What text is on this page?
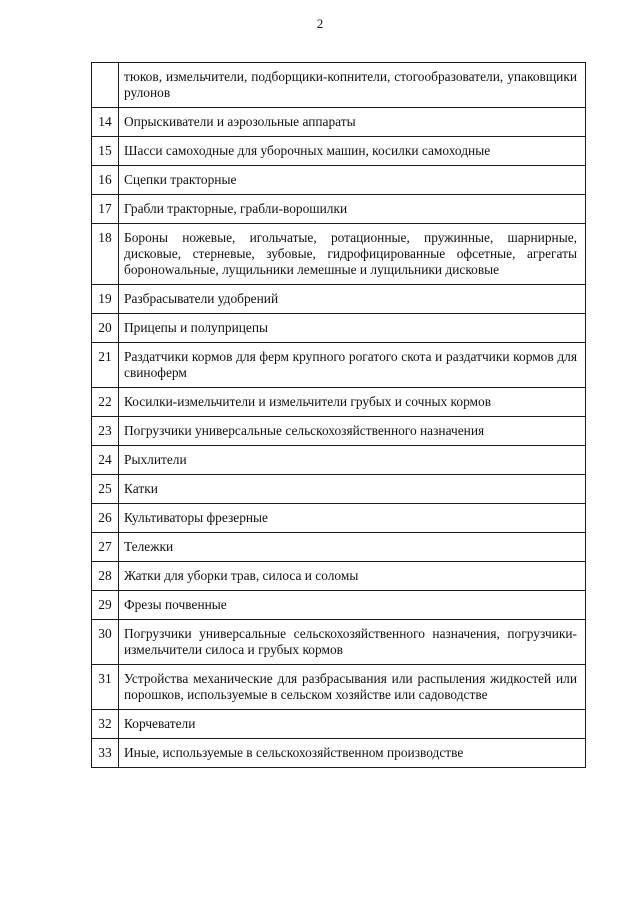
2
	тюков, измельчители, подборщики-копнители, стогообразователи, упаковщики рулонов
14	Опрыскиватели и аэрозольные аппараты
15	Шасси самоходные для уборочных машин, косилки самоходные
16	Сцепки тракторные
17	Грабли тракторные, грабли-ворошилки
18	Бороны ножевые, игольчатые, ротационные, пружинные, шарнирные, дисковые, стерневые, зубовые, гидрофицированные офсетные, агрегаты боронowальные, лущильники лемешные и лущильники дисковые
19	Разбрасыватели удобрений
20	Прицепы и полуприцепы
21	Раздатчики кормов для ферм крупного рогатого скота и раздатчики кормов для свиноферм
22	Косилки-измельчители и измельчители грубых и сочных кормов
23	Погрузчики универсальные сельскохозяйственного назначения
24	Рыхлители
25	Катки
26	Культиваторы фрезерные
27	Тележки
28	Жатки для уборки трав, силоса и соломы
29	Фрезы почвенные
30	Погрузчики универсальные сельскохозяйственного назначения, погрузчики-измельчители силоса и грубых кормов
31	Устройства механические для разбрасывания или распыления жидкостей или порошков, используемые в сельском хозяйстве или садоводстве
32	Корчеватели
33	Иные, используемые в сельскохозяйственном производстве
